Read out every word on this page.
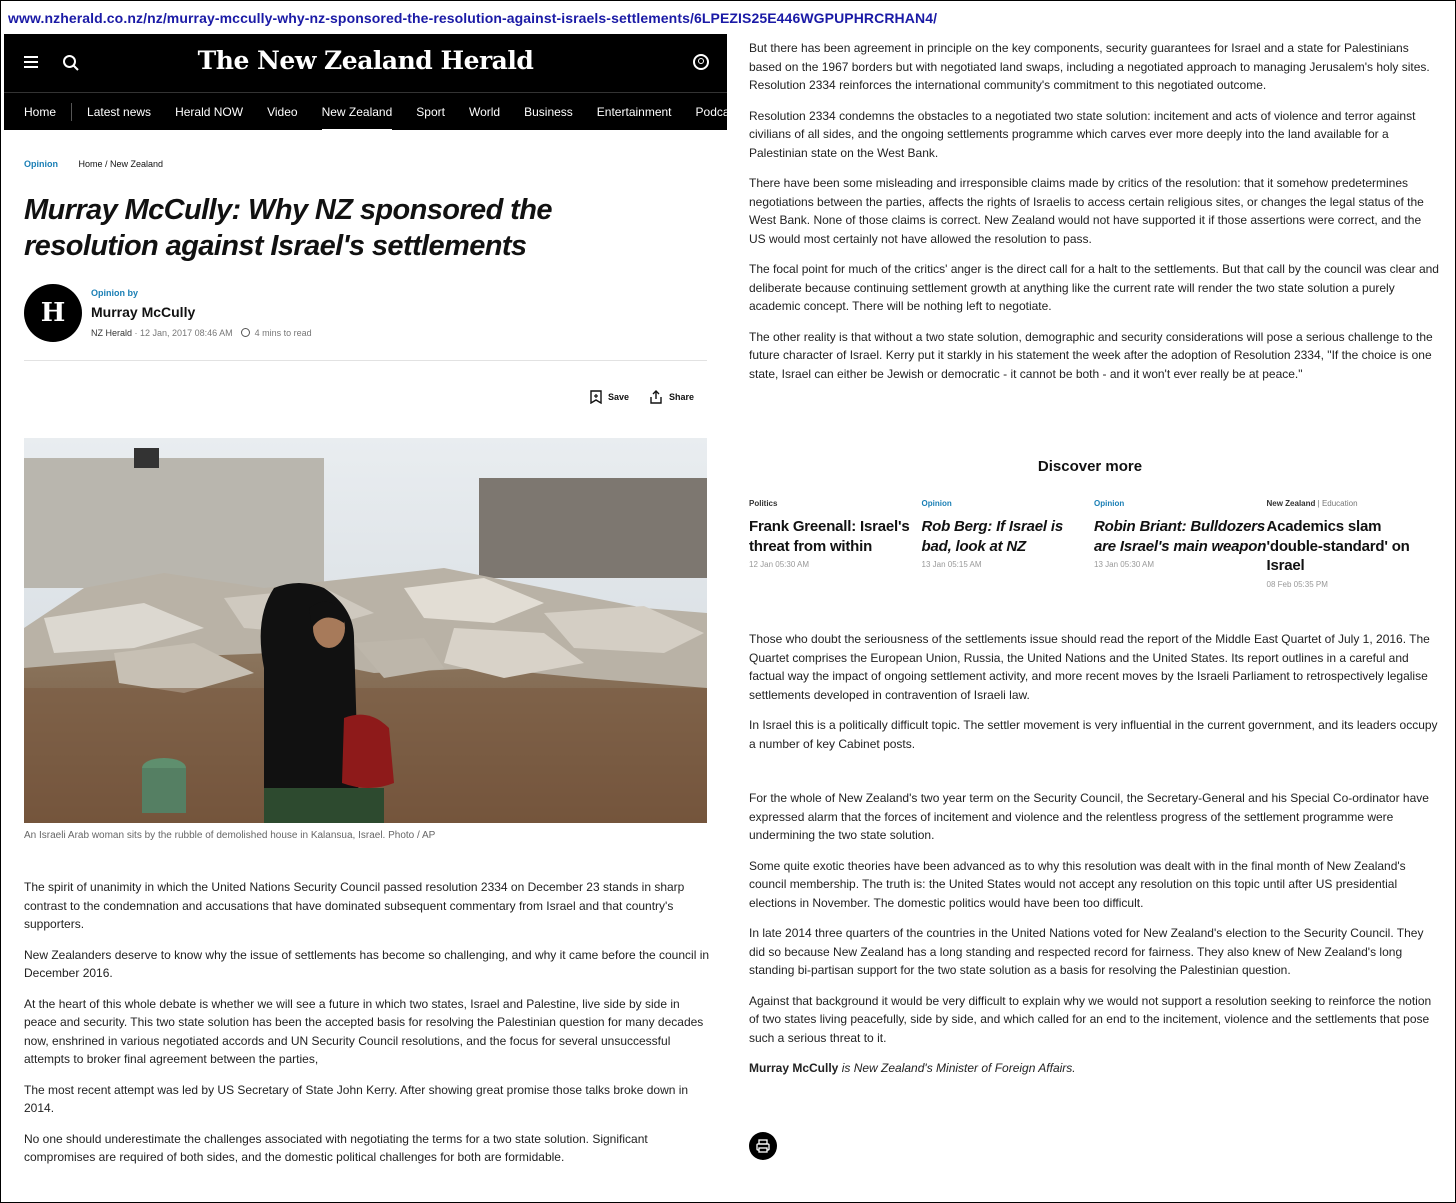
www.nzherald.co.nz/nz/murray-mccully-why-nz-sponsored-the-resolution-against-israels-settlements/6LPEZIS25E446WGPUPHRCRHAN4/
The New Zealand Herald
Home	Latest news	Herald NOW	Video	New Zealand	Sport	World	Business	Entertainment	Podcasts
Opinion Home / New Zealand
Murray McCully: Why NZ sponsored the resolution against Israel's settlements
H
Opinion by
Murray McCully
NZ Herald · 12 Jan, 2017 08:46 AM 4 mins to read
Save	Share
An Israeli Arab woman sits by the rubble of demolished house in Kalansua, Israel. Photo / AP

The spirit of unanimity in which the United Nations Security Council passed resolution 2334 on December 23 stands in sharp contrast to the condemnation and accusations that have dominated subsequent commentary from Israel and that country's supporters.

New Zealanders deserve to know why the issue of settlements has become so challenging, and why it came before the council in December 2016.

At the heart of this whole debate is whether we will see a future in which two states, Israel and Palestine, live side by side in peace and security. This two state solution has been the accepted basis for resolving the Palestinian question for many decades now, enshrined in various negotiated accords and UN Security Council resolutions, and the focus for several unsuccessful attempts to broker final agreement between the parties,

The most recent attempt was led by US Secretary of State John Kerry. After showing great promise those talks broke down in 2014.

No one should underestimate the challenges associated with negotiating the terms for a two state solution. Significant compromises are required of both sides, and the domestic political challenges for both are formidable.

But there has been agreement in principle on the key components, security guarantees for Israel and a state for Palestinians based on the 1967 borders but with negotiated land swaps, including a negotiated approach to managing Jerusalem's holy sites. Resolution 2334 reinforces the international community's commitment to this negotiated outcome.

Resolution 2334 condemns the obstacles to a negotiated two state solution: incitement and acts of violence and terror against civilians of all sides, and the ongoing settlements programme which carves ever more deeply into the land available for a Palestinian state on the West Bank.

There have been some misleading and irresponsible claims made by critics of the resolution: that it somehow predetermines negotiations between the parties, affects the rights of Israelis to access certain religious sites, or changes the legal status of the West Bank. None of those claims is correct. New Zealand would not have supported it if those assertions were correct, and the US would most certainly not have allowed the resolution to pass.

The focal point for much of the critics' anger is the direct call for a halt to the settlements. But that call by the council was clear and deliberate because continuing settlement growth at anything like the current rate will render the two state solution a purely academic concept. There will be nothing left to negotiate.

The other reality is that without a two state solution, demographic and security considerations will pose a serious challenge to the future character of Israel. Kerry put it starkly in his statement the week after the adoption of Resolution 2334, "If the choice is one state, Israel can either be Jewish or democratic - it cannot be both - and it won't ever really be at peace."

Discover more
Politics
Frank Greenall: Israel's threat from within
12 Jan 05:30 AM
Opinion
Rob Berg: If Israel is bad, look at NZ
13 Jan 05:15 AM
Opinion
Robin Briant: Bulldozers are Israel's main weapon
13 Jan 05:30 AM
New Zealand | Education
Academics slam 'double-standard' on Israel
08 Feb 05:35 PM

Those who doubt the seriousness of the settlements issue should read the report of the Middle East Quartet of July 1, 2016. The Quartet comprises the European Union, Russia, the United Nations and the United States. Its report outlines in a careful and factual way the impact of ongoing settlement activity, and more recent moves by the Israeli Parliament to retrospectively legalise settlements developed in contravention of Israeli law.

In Israel this is a politically difficult topic. The settler movement is very influential in the current government, and its leaders occupy a number of key Cabinet posts.

For the whole of New Zealand's two year term on the Security Council, the Secretary-General and his Special Co-ordinator have expressed alarm that the forces of incitement and violence and the relentless progress of the settlement programme were undermining the two state solution.

Some quite exotic theories have been advanced as to why this resolution was dealt with in the final month of New Zealand's council membership. The truth is: the United States would not accept any resolution on this topic until after US presidential elections in November. The domestic politics would have been too difficult.

In late 2014 three quarters of the countries in the United Nations voted for New Zealand's election to the Security Council. They did so because New Zealand has a long standing and respected record for fairness. They also knew of New Zealand's long standing bi-partisan support for the two state solution as a basis for resolving the Palestinian question.

Against that background it would be very difficult to explain why we would not support a resolution seeking to reinforce the notion of two states living peacefully, side by side, and which called for an end to the incitement, violence and the settlements that pose such a serious threat to it.

Murray McCully is New Zealand's Minister of Foreign Affairs.
